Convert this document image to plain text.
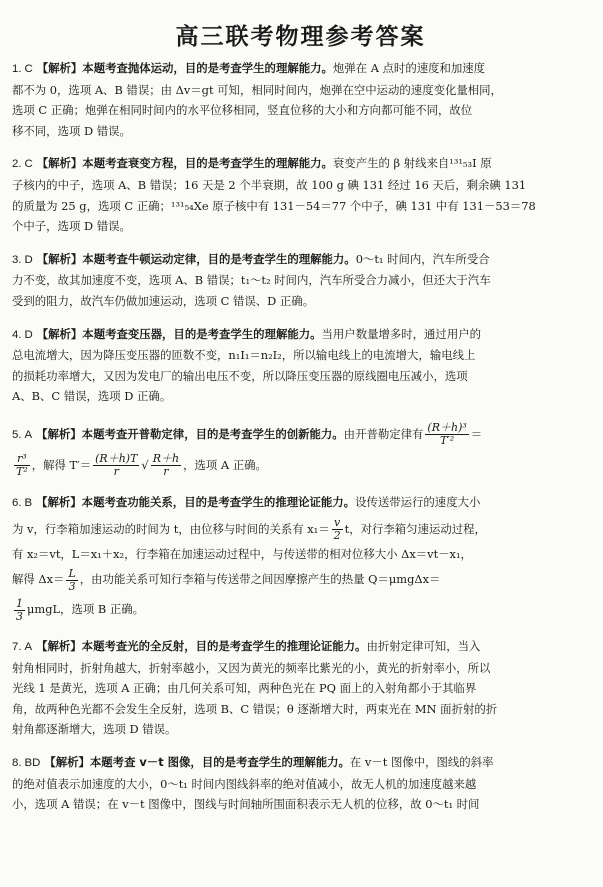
高三联考物理参考答案

1. C 【解析】本题考查抛体运动，目的是考查学生的理解能力。炮弹在 A 点时的速度和加速度

都不为 0，选项 A、B 错误；由 Δv＝gt 可知，相同时间内，炮弹在空中运动的速度变化量相同，

选项 C 正确；炮弹在相同时间内的水平位移相同，竖直位移的大小和方向都可能不同，故位

移不同，选项 D 错误。

2. C 【解析】本题考查衰变方程，目的是考查学生的理解能力。衰变产生的 β 射线来自¹³¹₅₃I 原

子核内的中子，选项 A、B 错误；16 天是 2 个半衰期，故 100 g 碘 131 经过 16 天后，剩余碘 131

的质量为 25 g，选项 C 正确；¹³¹₅₄Xe 原子核中有 131－54＝77 个中子，碘 131 中有 131－53＝78

个中子，选项 D 错误。

3. D 【解析】本题考查牛顿运动定律，目的是考查学生的理解能力。0～t₁ 时间内，汽车所受合

力不变，故其加速度不变，选项 A、B 错误；t₁～t₂ 时间内，汽车所受合力减小，但还大于汽车

受到的阻力，故汽车仍做加速运动，选项 C 错误、D 正确。

4. D 【解析】本题考查变压器，目的是考查学生的理解能力。当用户数量增多时，通过用户的

总电流增大，因为降压变压器的匝数不变，n₁I₁＝n₂I₂，所以输电线上的电流增大，输电线上

的损耗功率增大，又因为发电厂的输出电压不变，所以降压变压器的原线圈电压减小，选项

A、B、C 错误，选项 D 正确。

5. A 【解析】本题考查开普勒定律，目的是考查学生的创新能力。由开普勒定律有 $\frac{\text{(R＋h)³}}{\text{T′²}}$ ＝

$\frac{\text{r³}}{\text{T²}}$ ，解得 $T'= \frac{(R+h)T}{r}$ √ $\frac{R+h}{r}$ ，选项 A 正确。

6. B 【解析】本题考查功能关系，目的是考查学生的推理论证能力。设传送带运行的速度大小

为 v，行李箱加速运动的时间为 t，由位移与时间的关系有 $x_1= \frac{v}{2}$ t，对行李箱匀速运动过程，

有 x₂＝vt，L＝x₁＋x₂，行李箱在加速运动过程中，与传送带的相对位移大小 Δx＝vt－x₁，

解得 $\Delta x= \frac{L}{3}$ ，由功能关系可知行李箱与传送带之间因摩擦产生的热量 Q＝μmgΔx＝

$\frac{1}{3}$ μmgL，选项 B 正确。

7. A 【解析】本题考查光的全反射，目的是考查学生的推理论证能力。由折射定律可知，当入

射角相同时，折射角越大，折射率越小，又因为黄光的频率比紫光的小，黄光的折射率小，所以

光线 1 是黄光，选项 A 正确；由几何关系可知，两种色光在 PQ 面上的入射角都小于其临界

角，故两种色光都不会发生全反射，选项 B、C 错误；θ 逐渐增大时，两束光在 MN 面折射的折

射角都逐渐增大，选项 D 错误。

8. BD 【解析】本题考查 v－t 图像，目的是考查学生的理解能力。在 v－t 图像中，图线的斜率

的绝对值表示加速度的大小，0～t₁ 时间内图线斜率的绝对值减小，故无人机的加速度越来越

小，选项 A 错误；在 v－t 图像中，图线与时间轴所围面积表示无人机的位移，故 0～t₁ 时间
